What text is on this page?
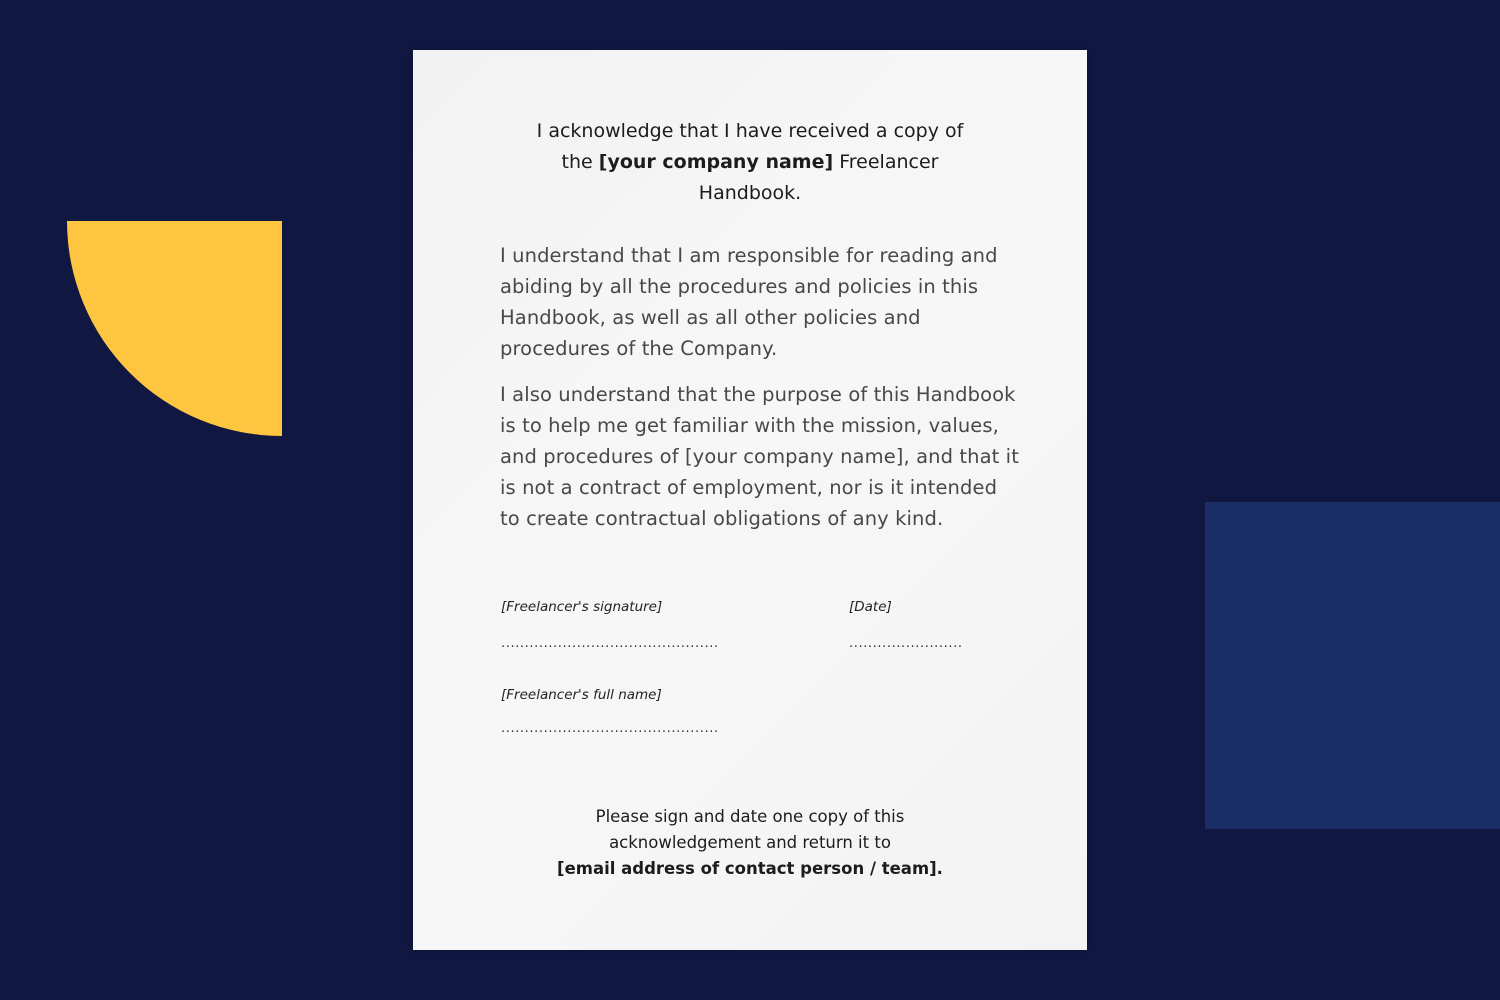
I acknowledge that I have received a copy of the [your company name] Freelancer Handbook.
I understand that I am responsible for reading and abiding by all the procedures and policies in this Handbook, as well as all other policies and procedures of the Company.
I also understand that the purpose of this Handbook is to help me get familiar with the mission, values, and procedures of [your company name], and that it is not a contract of employment, nor is it intended to create contractual obligations of any kind.
[Freelancer's signature]
..............................................
[Date]
........................
[Freelancer's full name]
..............................................
Please sign and date one copy of this
acknowledgement and return it to
[email address of contact person / team].
